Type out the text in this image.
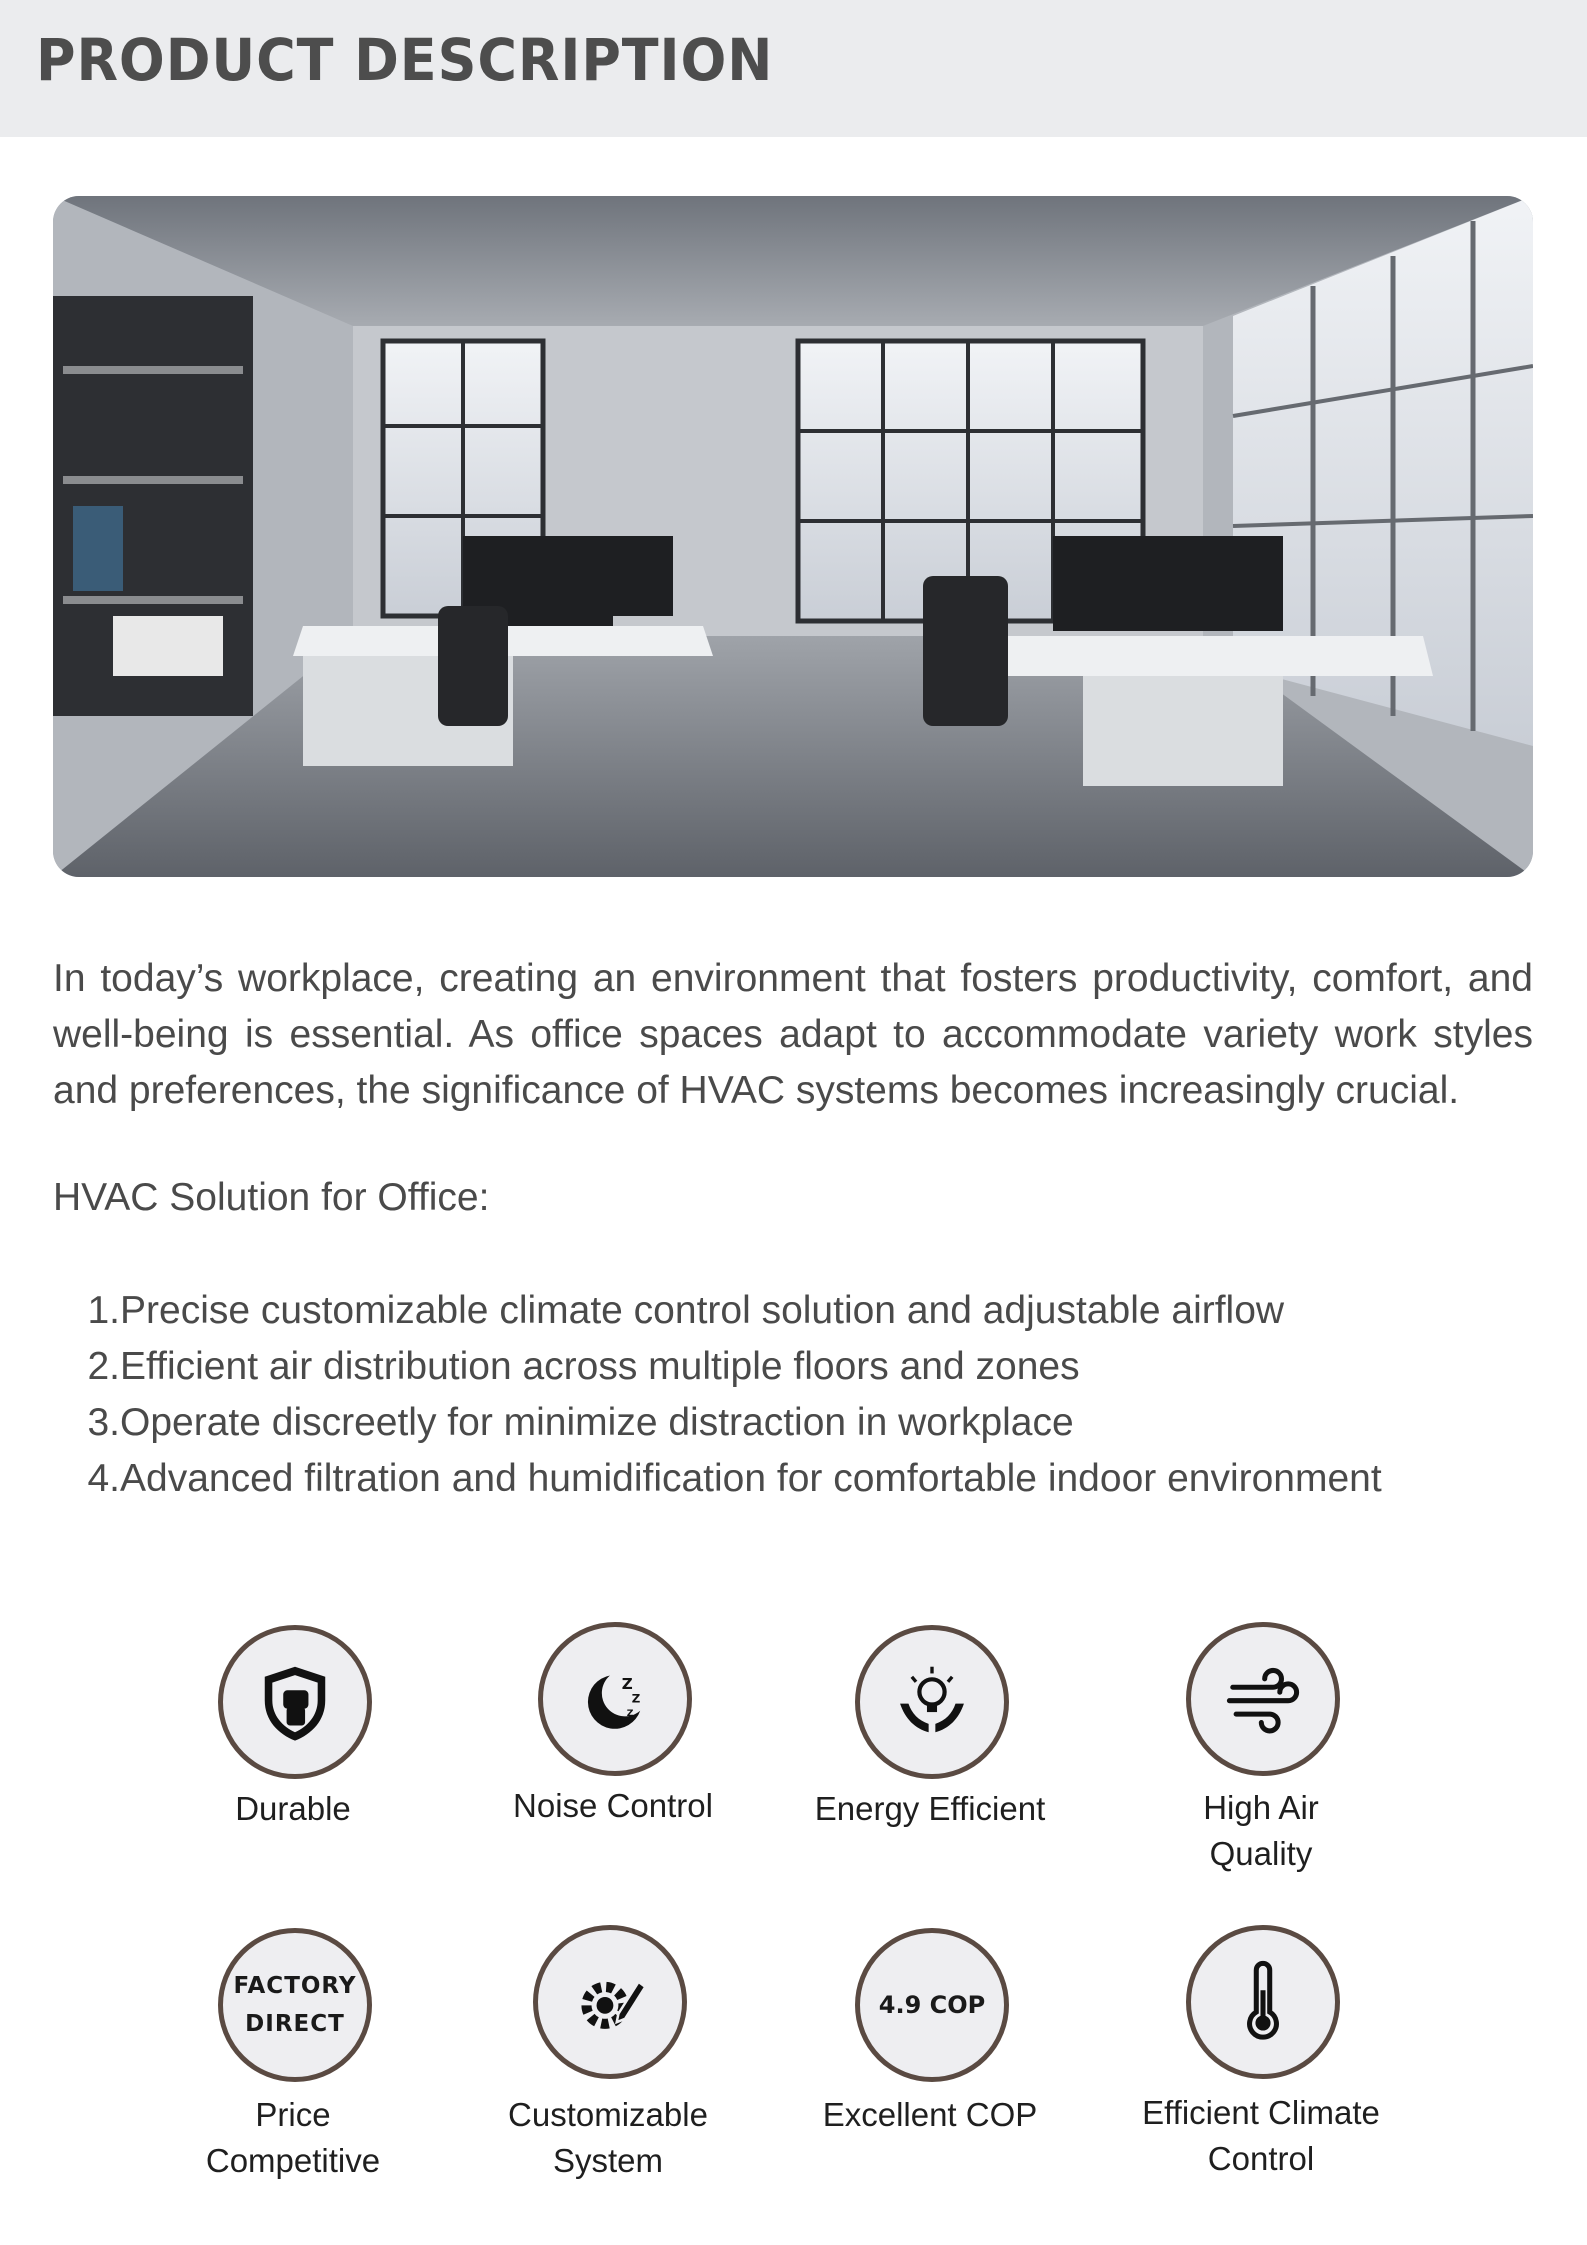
PRODUCT DESCRIPTION

In today’s workplace, creating an environment that fosters productivity, comfort, and well-being is essential. As office spaces adapt to accommodate variety work styles and preferences, the significance of HVAC systems becomes increasingly crucial.

HVAC Solution for Office:

1. Precise customizable climate control solution and adjustable airflow
2. Efficient air distribution across multiple floors and zones
3. Operate discreetly for minimize distraction in workplace
4. Advanced filtration and humidification for comfortable indoor environment
Durable
Z
Z
Z
Noise Control	Energy Efficient	High Air
Quality
FACTORY
DIRECT
Price
Competitive
Customizable
System
4.9 COP
Excellent COP	Efficient Climate
Control
